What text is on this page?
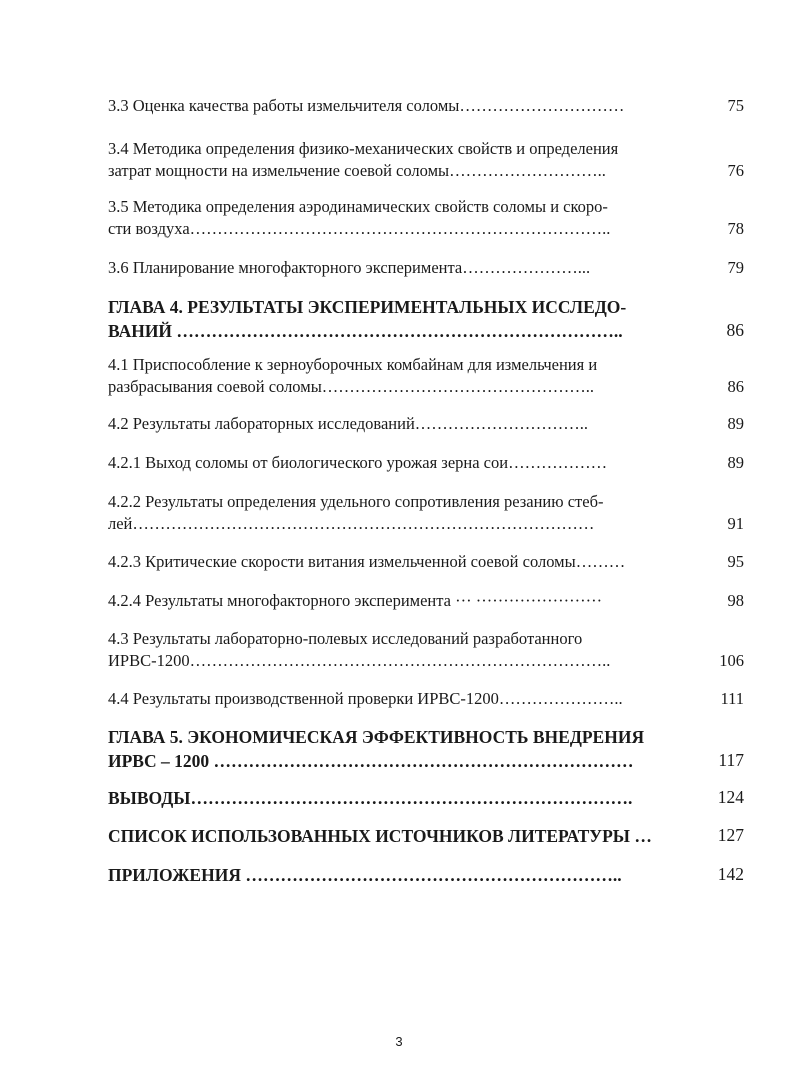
3.3 Оценка качества работы измельчителя соломы…………………………	75
3.4 Методика определения физико-механических свойств и определения
затрат мощности на измельчение соевой соломы………………………..	76
3.5 Методика определения аэродинамических свойств соломы и скоро-
сти воздуха…………………………………………………………………..	78
3.6 Планирование многофакторного эксперимента…………………...	79
ГЛАВА 4. РЕЗУЛЬТАТЫ ЭКСПЕРИМЕНТАЛЬНЫХ ИССЛЕДО-
ВАНИЙ …………………………………………………………………..	86
4.1 Приспособление к зерноуборочных комбайнам для измельчения и
разбрасывания соевой соломы…………………………………………..	86
4.2 Результаты лабораторных исследований…………………………..	89
4.2.1 Выход соломы от биологического урожая зерна сои………………	89
4.2.2 Результаты определения удельного сопротивления резанию стеб-
лей…………………………………………………………………………	91
4.2.3 Критические скорости витания измельченной соевой соломы………	95
4.2.4 Результаты многофакторного эксперимента ··· ·······················	98
4.3 Результаты лабораторно-полевых исследований разработанного
ИРВС-1200…………………………………………………………………..	106
4.4 Результаты производственной проверки ИРВС-1200…………………..	111
ГЛАВА 5. ЭКОНОМИЧЕСКАЯ ЭФФЕКТИВНОСТЬ ВНЕДРЕНИЯ
ИРВС – 1200 ………………………………………………………………	117
ВЫВОДЫ………………………………………………………………….	124
СПИСОК ИСПОЛЬЗОВАННЫХ ИСТОЧНИКОВ ЛИТЕРАТУРЫ …	127
ПРИЛОЖЕНИЯ ………………………………………………………..	142
3
